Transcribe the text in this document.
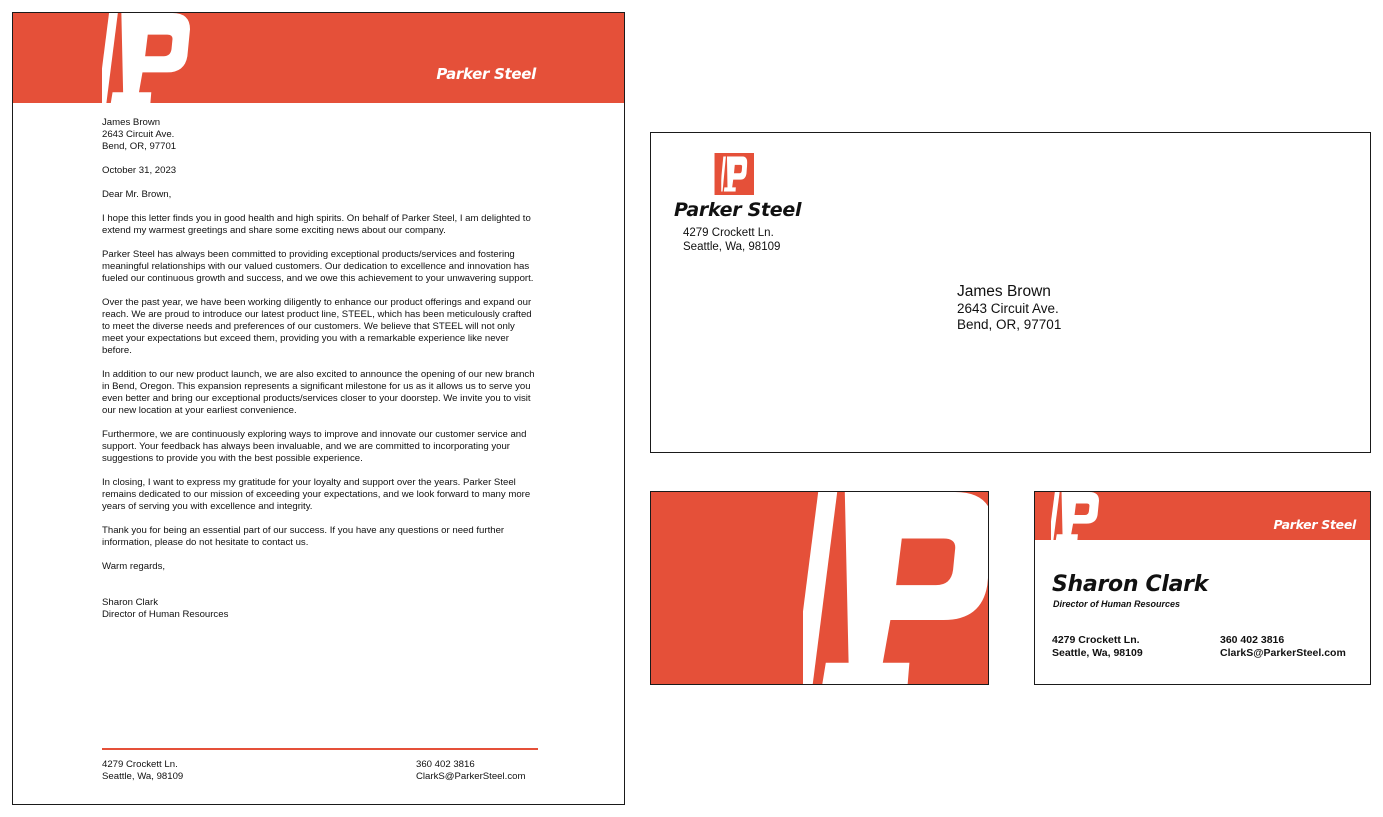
Parker Steel
James Brown
2643 Circuit Ave.
Bend, OR, 97701

October 31, 2023

Dear Mr. Brown,

I hope this letter finds you in good health and high spirits. On behalf of Parker Steel, I am delighted to extend my warmest greetings and share some exciting news about our company.

Parker Steel has always been committed to providing exceptional products/services and fostering meaningful relationships with our valued customers. Our dedication to excellence and innovation has fueled our continuous growth and success, and we owe this achievement to your unwavering support.

Over the past year, we have been working diligently to enhance our product offerings and expand our reach. We are proud to introduce our latest product line, STEEL, which has been meticulously crafted to meet the diverse needs and preferences of our customers. We believe that STEEL will not only meet your expectations but exceed them, providing you with a remarkable experience like never before.

In addition to our new product launch, we are also excited to announce the opening of our new branch in Bend, Oregon. This expansion represents a significant milestone for us as it allows us to serve you even better and bring our exceptional products/services closer to your doorstep. We invite you to visit our new location at your earliest convenience.

Furthermore, we are continuously exploring ways to improve and innovate our customer service and support. Your feedback has always been invaluable, and we are committed to incorporating your suggestions to provide you with the best possible experience.

In closing, I want to express my gratitude for your loyalty and support over the years. Parker Steel remains dedicated to our mission of exceeding your expectations, and we look forward to many more years of serving you with excellence and integrity.

Thank you for being an essential part of our success. If you have any questions or need further information, please do not hesitate to contact us.

Warm regards,

Sharon Clark
Director of Human Resources
4279 Crockett Ln.
Seattle, Wa, 98109
360 402 3816
ClarkS@ParkerSteel.com
Parker Steel
4279 Crockett Ln.
Seattle, Wa, 98109
James Brown
2643 Circuit Ave.
Bend, OR, 97701
Parker Steel
Sharon Clark
Director of Human Resources
4279 Crockett Ln.
Seattle, Wa, 98109
360 402 3816
ClarkS@ParkerSteel.com
